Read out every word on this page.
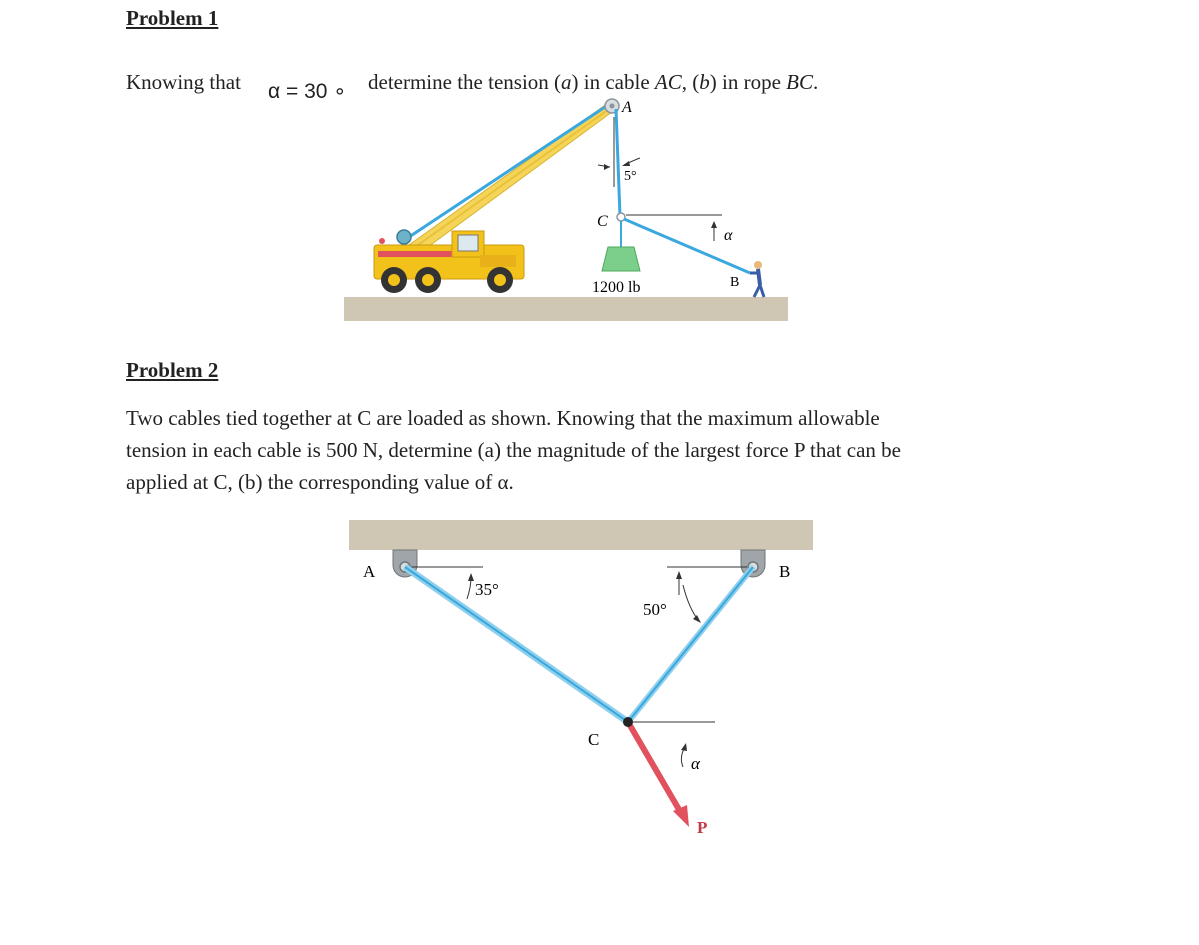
Problem 1
Knowing that α = 30 ∘ determine the tension (a) in cable AC, (b) in rope BC.
5°
C
α
1200 lb	B
A
Problem 2
Two cables tied together at C are loaded as shown. Knowing that the maximum allowable
tension in each cable is 500 N, determine (a) the magnitude of the largest force P that can be
applied at C, (b) the corresponding value of α.
A	B
35°
50°
C
α
P
